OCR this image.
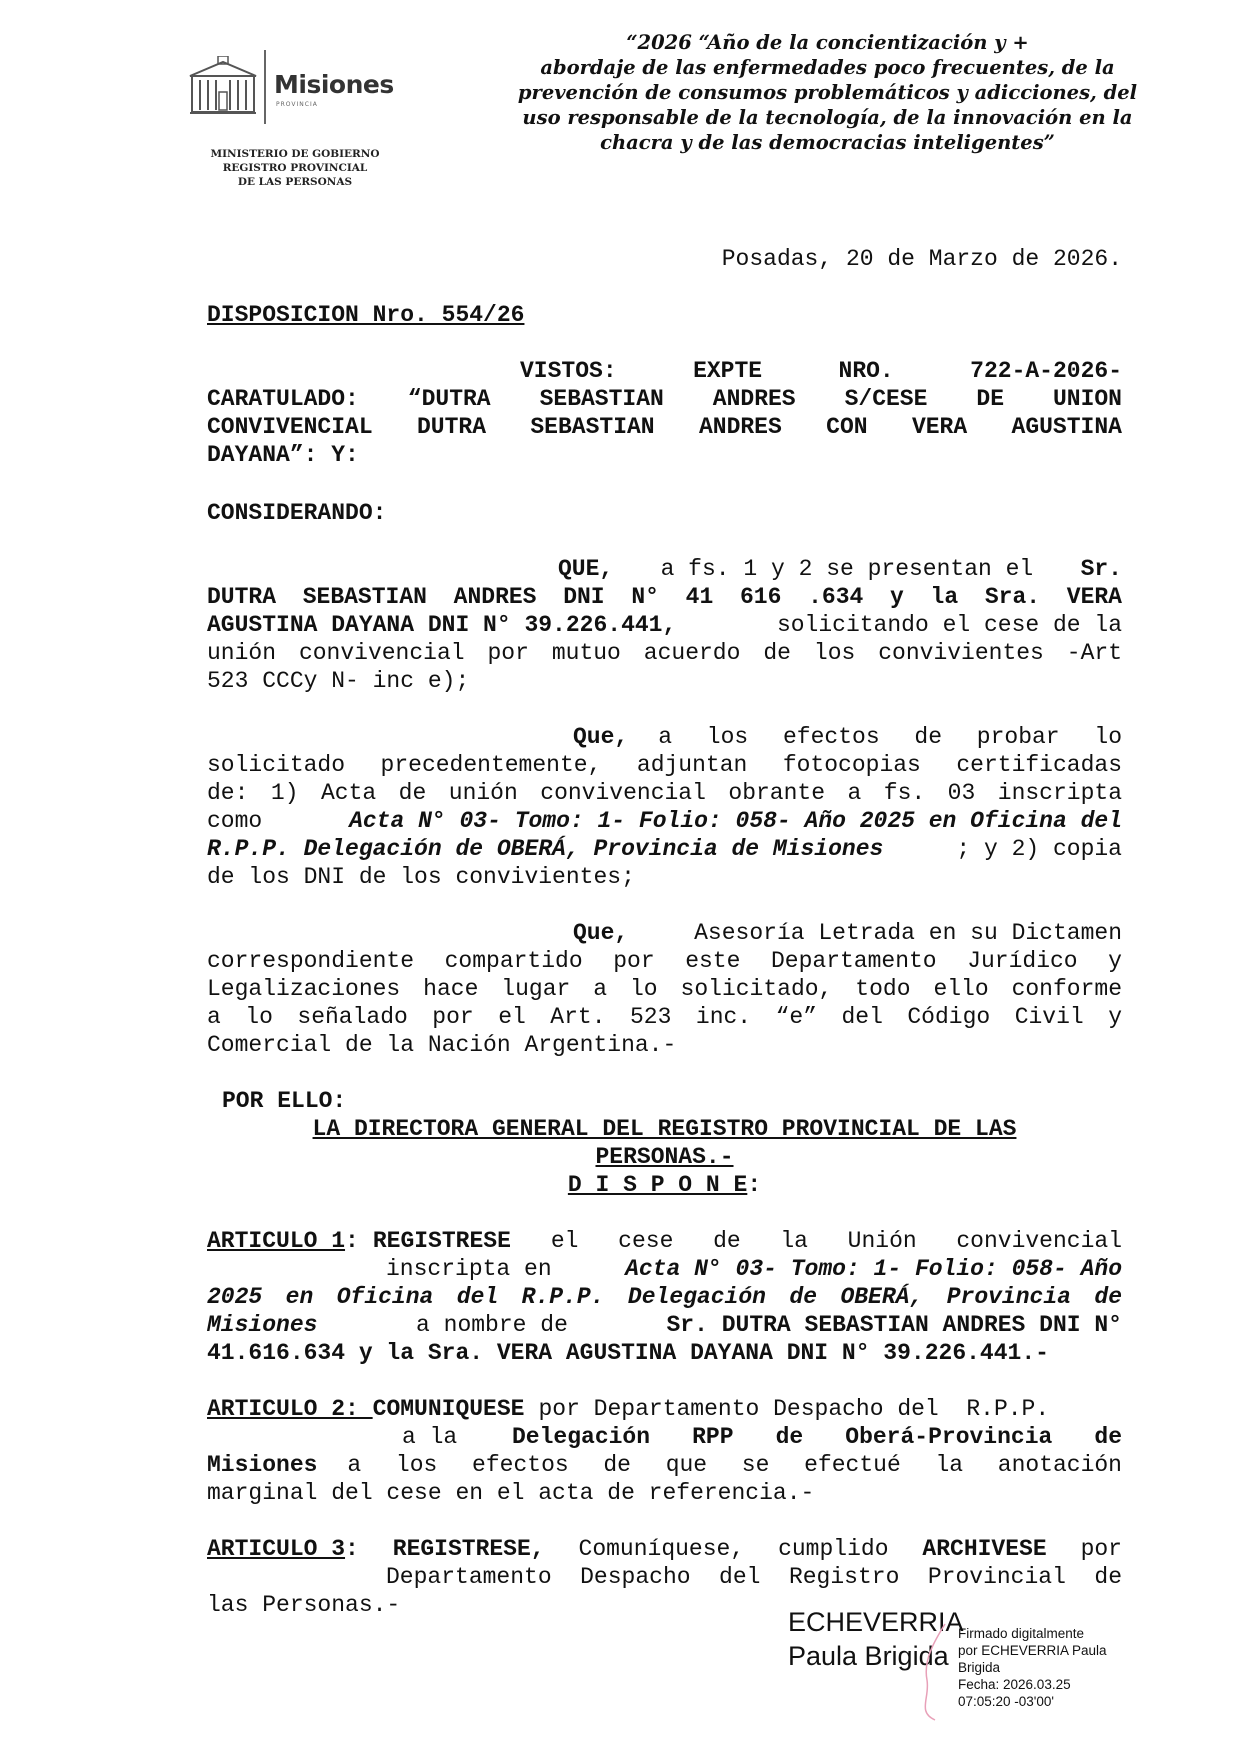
Misiones
PROVINCIA
MINISTERIO DE GOBIERNO
REGISTRO PROVINCIAL
DE LAS PERSONAS
“2026 “Año de la concientización y +
abordaje de las enfermedades poco frecuentes, de la
prevención de consumos problemáticos y adicciones, del
uso responsable de la tecnología, de la innovación en la
chacra y de las democracias inteligentes”
Posadas, 20 de Marzo de 2026.
DISPOSICION Nro. 554/26
VISTOS:	EXPTE	NRO.	722-A-2026-
CARATULADO: “DUTRA SEBASTIAN ANDRES S/CESE DE UNION
CONVIVENCIAL DUTRA SEBASTIAN ANDRES CON VERA AGUSTINA
DAYANA”: Y:
CONSIDERANDO:
QUE, a fs. 1 y 2 se presentan el Sr.
DUTRA SEBASTIAN ANDRES DNI N° 41 616 .634 y la Sra. VERA
AGUSTINA DAYANA DNI N° 39.226.441,	solicitando el cese de la
unión convivencial por mutuo acuerdo de los convivientes -Art
523 CCCy N- inc e);
Que, a los efectos de probar lo
solicitado precedentemente, adjuntan fotocopias certificadas
de: 1) Acta de unión convivencial obrante a fs. 03 inscripta
como	Acta N° 03- Tomo: 1- Folio: 058- Año 2025 en Oficina del
R.P.P. Delegación de OBERÁ, Provincia de Misiones	; y 2) copia
de los DNI de los convivientes;
Que,	Asesoría Letrada en su Dictamen
correspondiente compartido por este Departamento Jurídico y
Legalizaciones hace lugar a lo solicitado, todo ello conforme
a lo señalado por el Art. 523 inc. “e” del Código Civil y
Comercial de la Nación Argentina.-
POR ELLO:
LA DIRECTORA GENERAL DEL REGISTRO PROVINCIAL DE LAS
PERSONAS.-
D I S P O N E:
ARTICULO 1 : REGISTRESE el cese de la Unión convivencial
inscripta en	Acta N° 03- Tomo: 1- Folio: 058- Año
2025 en Oficina del R.P.P. Delegación de OBERÁ, Provincia de
Misiones	a nombre de	Sr. DUTRA SEBASTIAN ANDRES DNI N°
41.616.634 y la Sra. VERA AGUSTINA DAYANA DNI N° 39.226.441.-
ARTICULO 2: COMUNIQUESE por Departamento Despacho del  R.P.P.
a la Delegación RPP de Oberá-Provincia de
Misiones a los efectos de que se efectué la anotación
marginal del cese en el acta de referencia.-
ARTICULO 3: REGISTRESE, Comuníquese, cumplido ARCHIVESE por
Departamento Despacho del Registro Provincial de
las Personas.-
ECHEVERRIA
Paula Brigida
Firmado digitalmente
por ECHEVERRIA Paula
Brigida
Fecha: 2026.03.25
07:05:20 -03'00'
